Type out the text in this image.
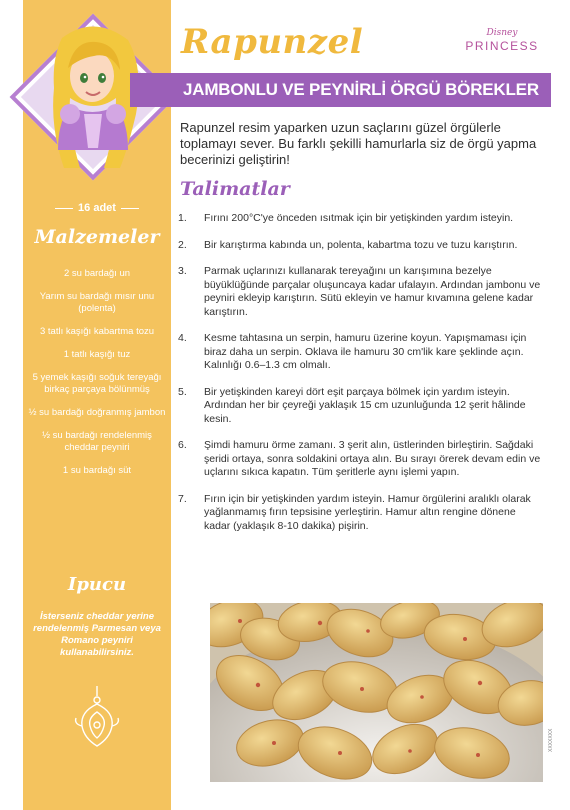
16 adet
Malzemeler
2 su bardağı un
Yarım su bardağı mısır unu (polenta)
3 tatlı kaşığı kabartma tozu
1 tatlı kaşığı tuz
5 yemek kaşığı soğuk tereyağı birkaç parçaya bölünmüş
½ su bardağı doğranmış jambon
½ su bardağı rendelenmiş cheddar peyniri
1 su bardağı süt
Ipucu
İsterseniz cheddar yerine rendelenmiş Parmesan veya Romano peyniri kullanabilirsiniz.
Rapunzel	Disney
PRINCESS
JAMBONLU VE PEYNİRLİ ÖRGÜ BÖREKLER
Rapunzel resim yaparken uzun saçlarını güzel örgülerle toplamayı sever. Bu farklı şekilli hamurlarla siz de örgü yapma becerinizi geliştirin!
Talimatlar
1. Fırını 200°C'ye önceden ısıtmak için bir yetişkinden yardım isteyin.
2. Bir karıştırma kabında un, polenta, kabartma tozu ve tuzu karıştırın.
3. Parmak uçlarınızı kullanarak tereyağını un karışımına bezelye büyüklüğünde parçalar oluşuncaya kadar ufalayın. Ardından jambonu ve peyniri ekleyip karıştırın. Sütü ekleyin ve hamur kıvamına gelene kadar karıştırın.
4. Kesme tahtasına un serpin, hamuru üzerine koyun. Yapışmaması için biraz daha un serpin. Oklava ile hamuru 30 cm'lik kare şeklinde açın. Kalınlığı 0.6–1.3 cm olmalı.
5. Bir yetişkinden kareyi dört eşit parçaya bölmek için yardım isteyin. Ardından her bir çeyreği yaklaşık 15 cm uzunluğunda 12 şerit hâlinde kesin.
6. Şimdi hamuru örme zamanı. 3 şerit alın, üstlerinden birleştirin. Sağdaki şeridi ortaya, sonra soldakini ortaya alın. Bu sırayı örerek devam edin ve uçlarını sıkıca kapatın. Tüm şeritlerle aynı işlemi yapın.
7. Fırın için bir yetişkinden yardım isteyin. Hamur örgülerini aralıklı olarak yağlanmamış fırın tepsisine yerleştirin. Hamur altın rengine dönene kadar (yaklaşık 8-10 dakika) pişirin.
XXXXXXX
